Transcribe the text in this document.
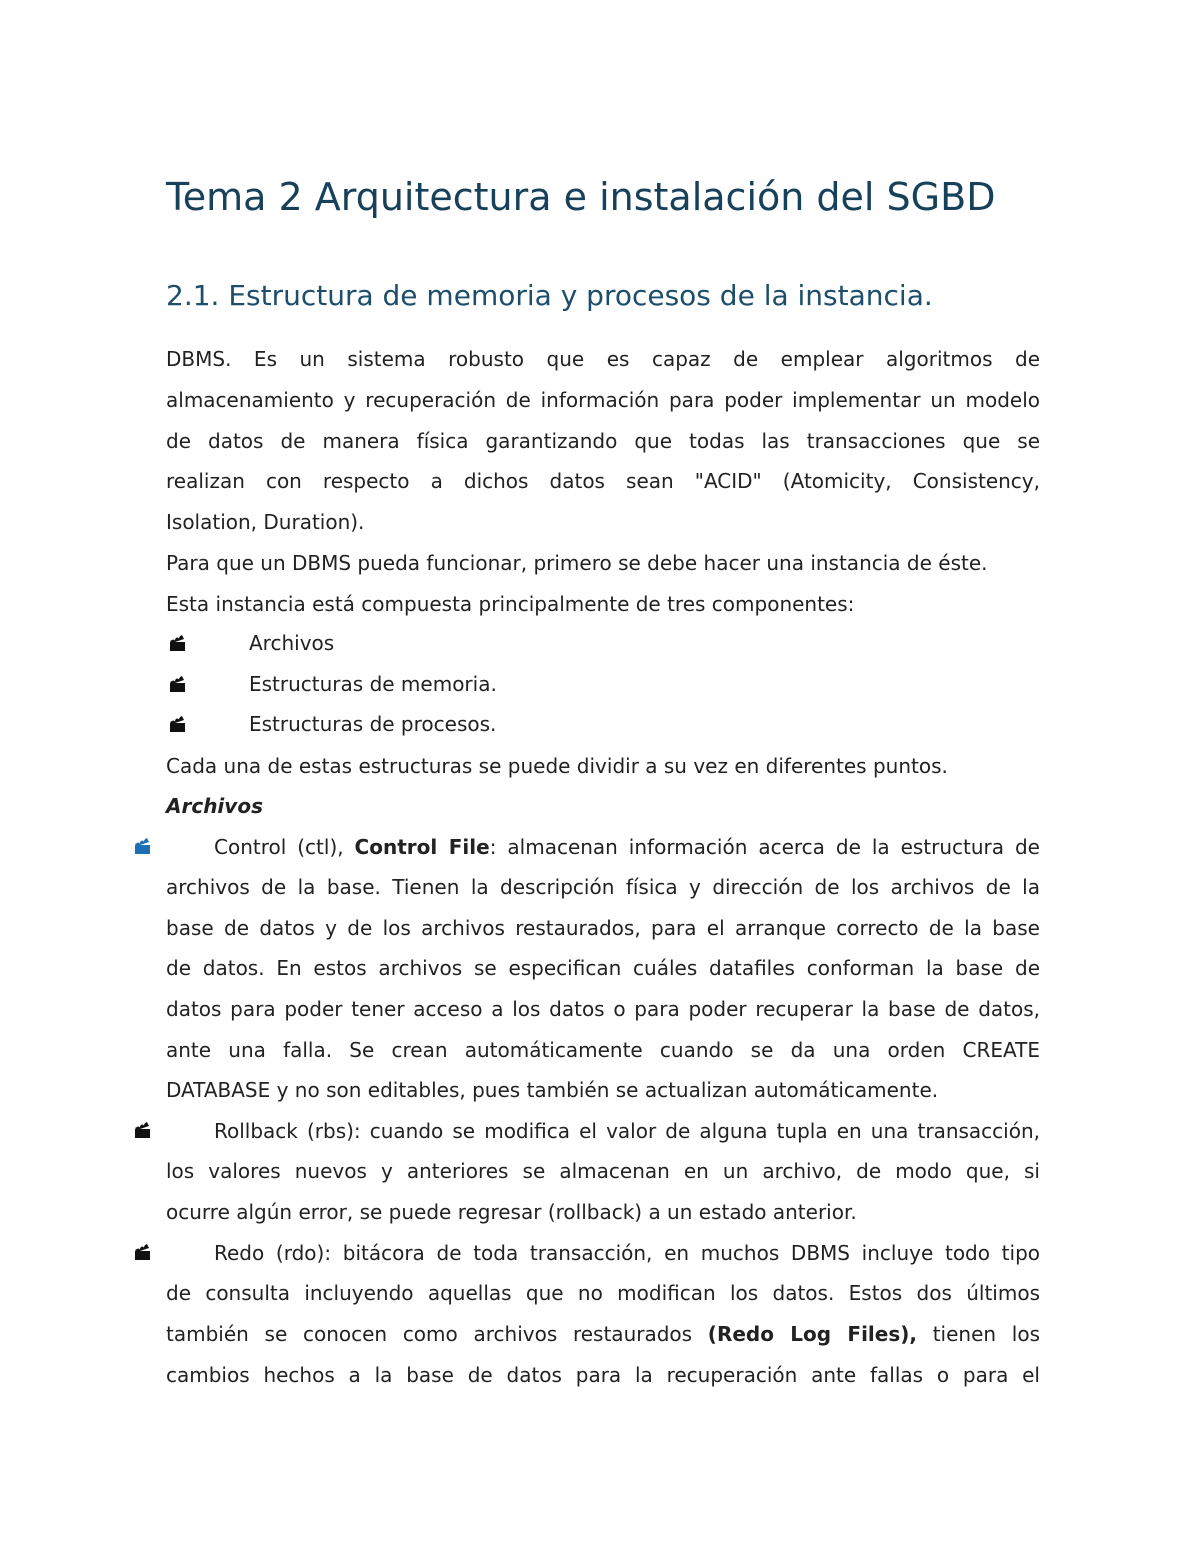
Tema 2 Arquitectura e instalación del SGBD
2.1. Estructura de memoria y procesos de la instancia.
DBMS. Es un sistema robusto que es capaz de emplear algoritmos de
almacenamiento y recuperación de información para poder implementar un modelo
de datos de manera física garantizando que todas las transacciones que se
realizan con respecto a dichos datos sean "ACID" (Atomicity, Consistency,
Isolation, Duration).
Para que un DBMS pueda funcionar, primero se debe hacer una instancia de éste.
Esta instancia está compuesta principalmente de tres componentes:
Archivos
Estructuras de memoria.
Estructuras de procesos.
Cada una de estas estructuras se puede dividir a su vez en diferentes puntos.
Archivos
Control (ctl), Control File: almacenan información acerca de la estructura de
archivos de la base. Tienen la descripción física y dirección de los archivos de la
base de datos y de los archivos restaurados, para el arranque correcto de la base
de datos. En estos archivos se especifican cuáles datafiles conforman la base de
datos para poder tener acceso a los datos o para poder recuperar la base de datos,
ante una falla. Se crean automáticamente cuando se da una orden CREATE
DATABASE y no son editables, pues también se actualizan automáticamente.
Rollback (rbs): cuando se modifica el valor de alguna tupla en una transacción,
los valores nuevos y anteriores se almacenan en un archivo, de modo que, si
ocurre algún error, se puede regresar (rollback) a un estado anterior.
Redo (rdo): bitácora de toda transacción, en muchos DBMS incluye todo tipo
de consulta incluyendo aquellas que no modifican los datos. Estos dos últimos
también se conocen como archivos restaurados (Redo Log Files), tienen los
cambios hechos a la base de datos para la recuperación ante fallas o para el
